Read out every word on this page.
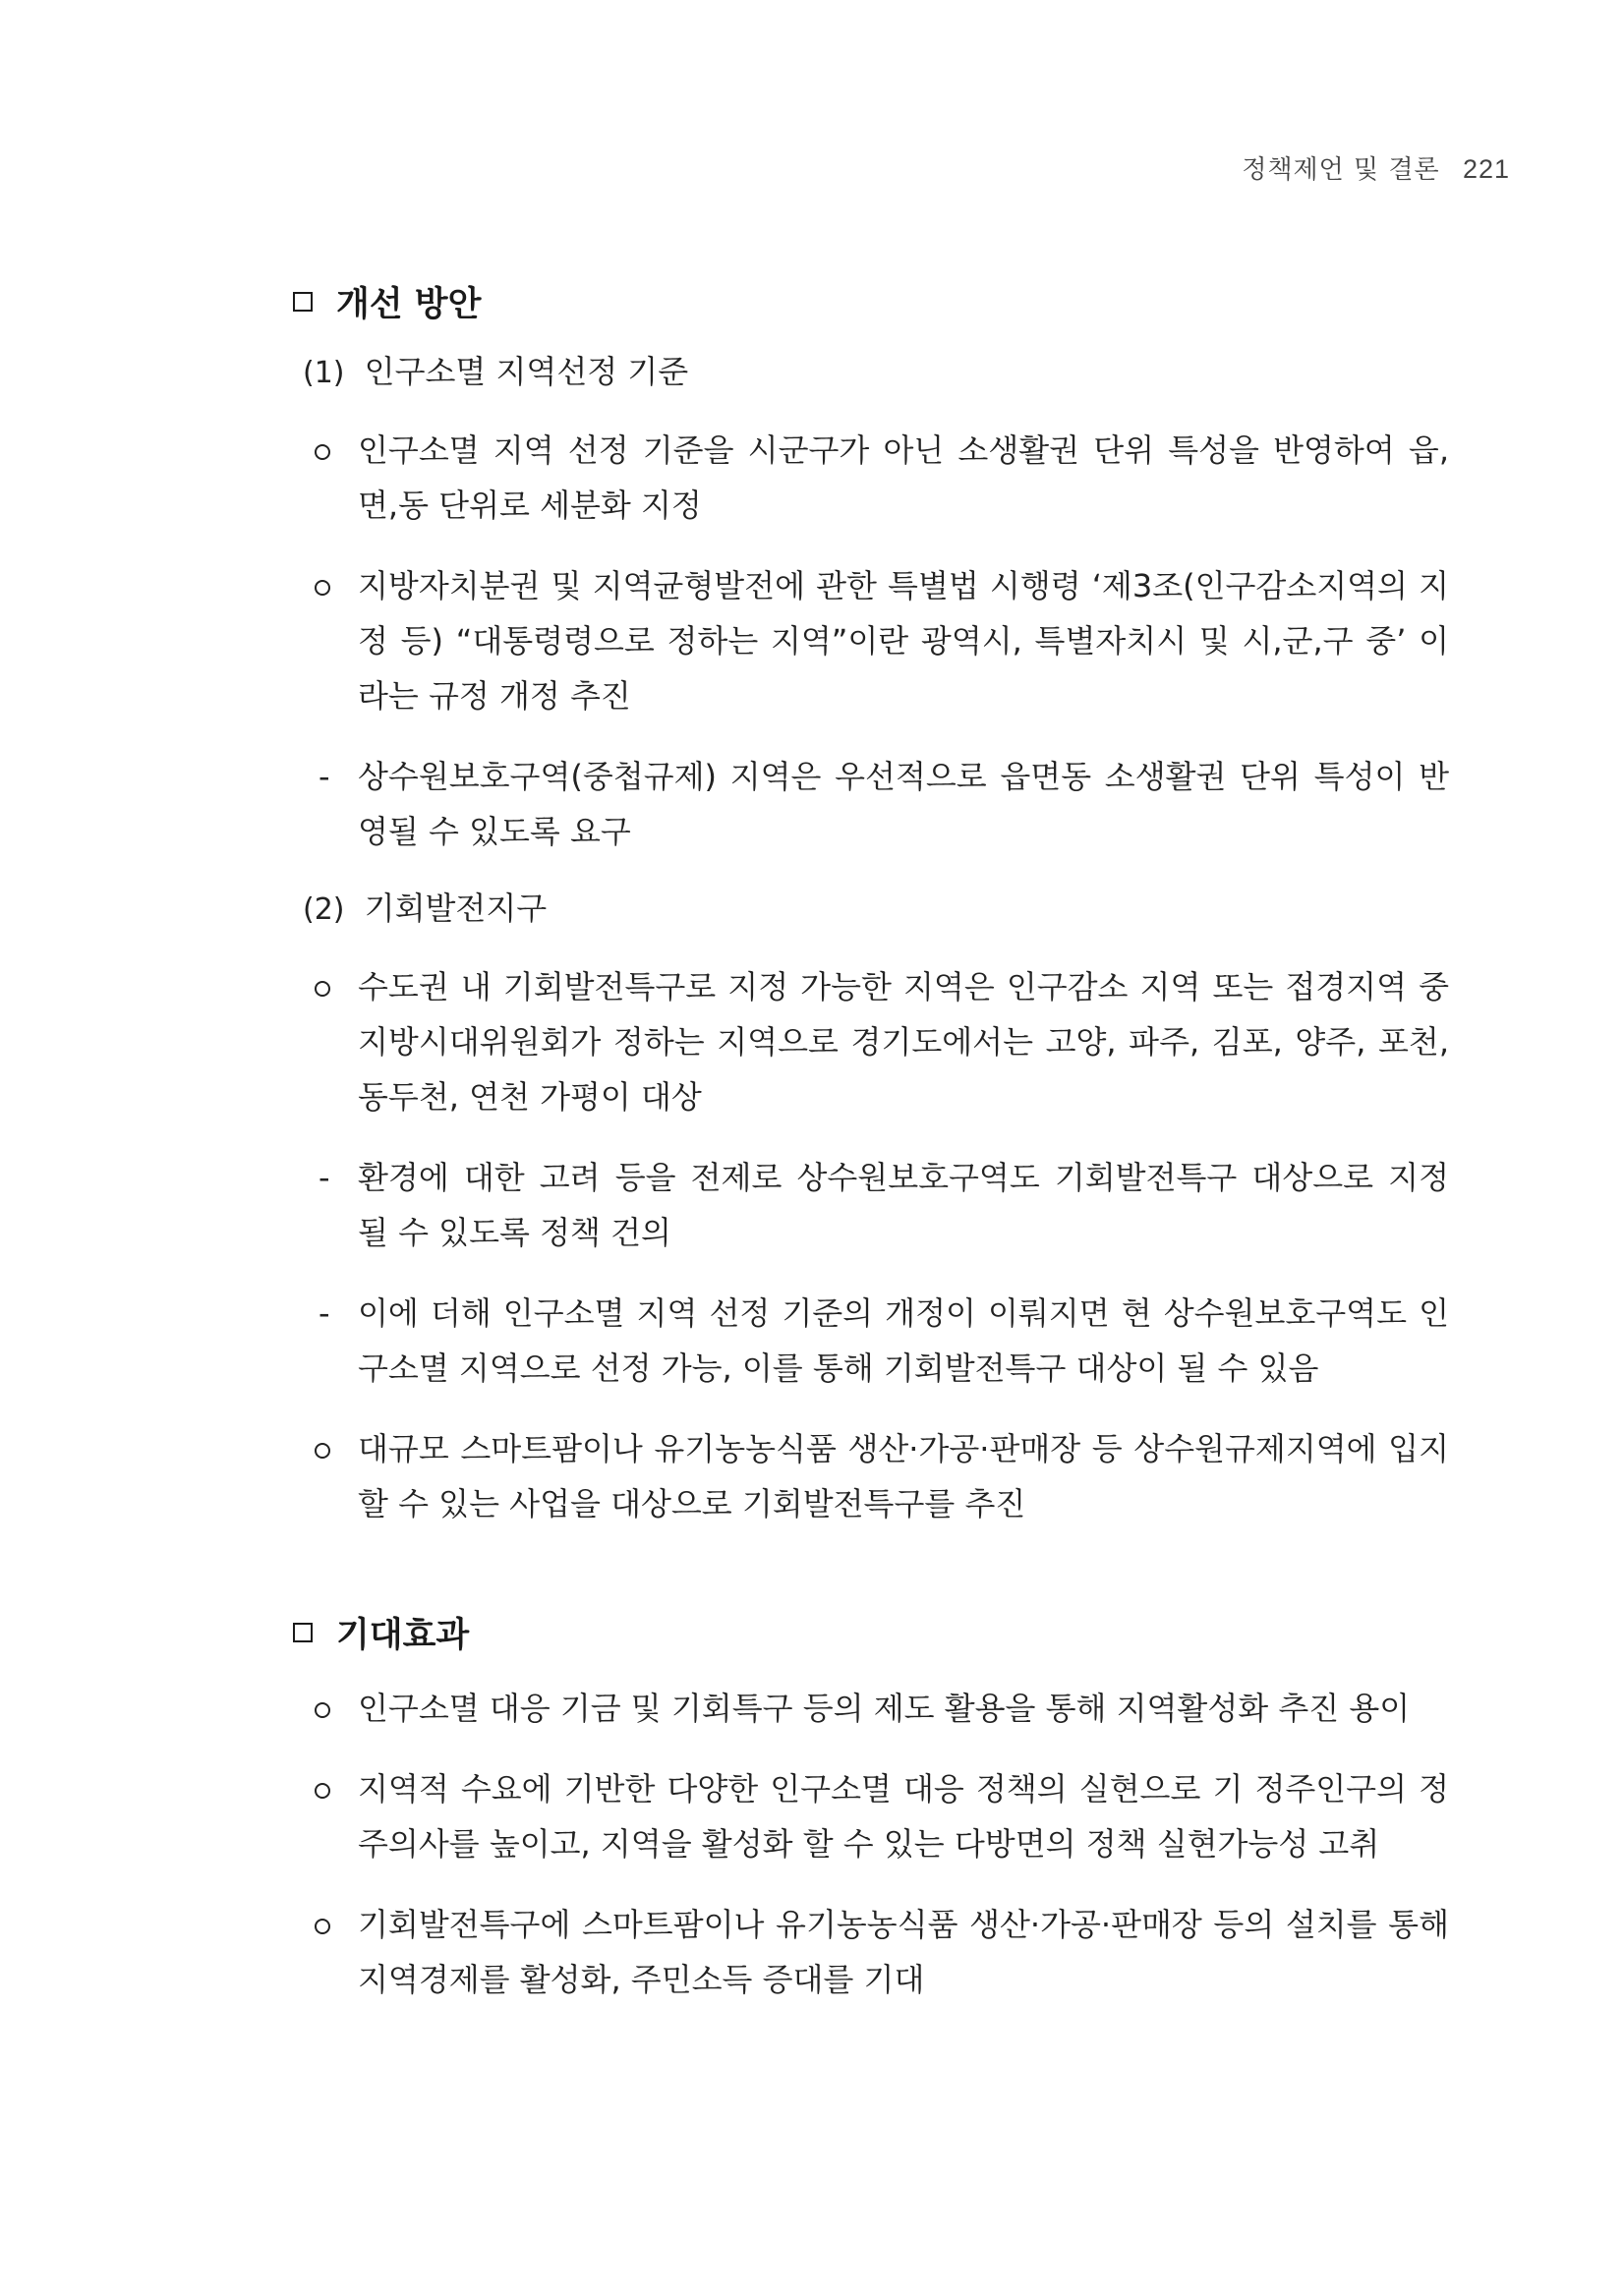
정책제언 및 결론 221
개선 방안
(1) 인구소멸 지역선정 기준
인구소멸 지역 선정 기준을 시군구가 아닌 소생활권 단위 특성을 반영하여 읍, 면,동 단위로 세분화 지정
지방자치분권 및 지역균형발전에 관한 특별법 시행령 ‘제3조(인구감소지역의 지정 등) “대통령령으로 정하는 지역”이란 광역시, 특별자치시 및 시,군,구 중’ 이라는 규정 개정 추진
- 상수원보호구역(중첩규제) 지역은 우선적으로 읍면동 소생활권 단위 특성이 반영될 수 있도록 요구
(2) 기회발전지구
수도권 내 기회발전특구로 지정 가능한 지역은 인구감소 지역 또는 접경지역 중 지방시대위원회가 정하는 지역으로 경기도에서는 고양, 파주, 김포, 양주, 포천, 동두천, 연천 가평이 대상
- 환경에 대한 고려 등을 전제로 상수원보호구역도 기회발전특구 대상으로 지정 될 수 있도록 정책 건의
- 이에 더해 인구소멸 지역 선정 기준의 개정이 이뤄지면 현 상수원보호구역도 인구소멸 지역으로 선정 가능, 이를 통해 기회발전특구 대상이 될 수 있음
대규모 스마트팜이나 유기농농식품 생산·가공·판매장 등 상수원규제지역에 입지할 수 있는 사업을 대상으로 기회발전특구를 추진
기대효과
인구소멸 대응 기금 및 기회특구 등의 제도 활용을 통해 지역활성화 추진 용이
지역적 수요에 기반한 다양한 인구소멸 대응 정책의 실현으로 기 정주인구의 정주의사를 높이고, 지역을 활성화 할 수 있는 다방면의 정책 실현가능성 고취
기회발전특구에 스마트팜이나 유기농농식품 생산·가공·판매장 등의 설치를 통해 지역경제를 활성화, 주민소득 증대를 기대
